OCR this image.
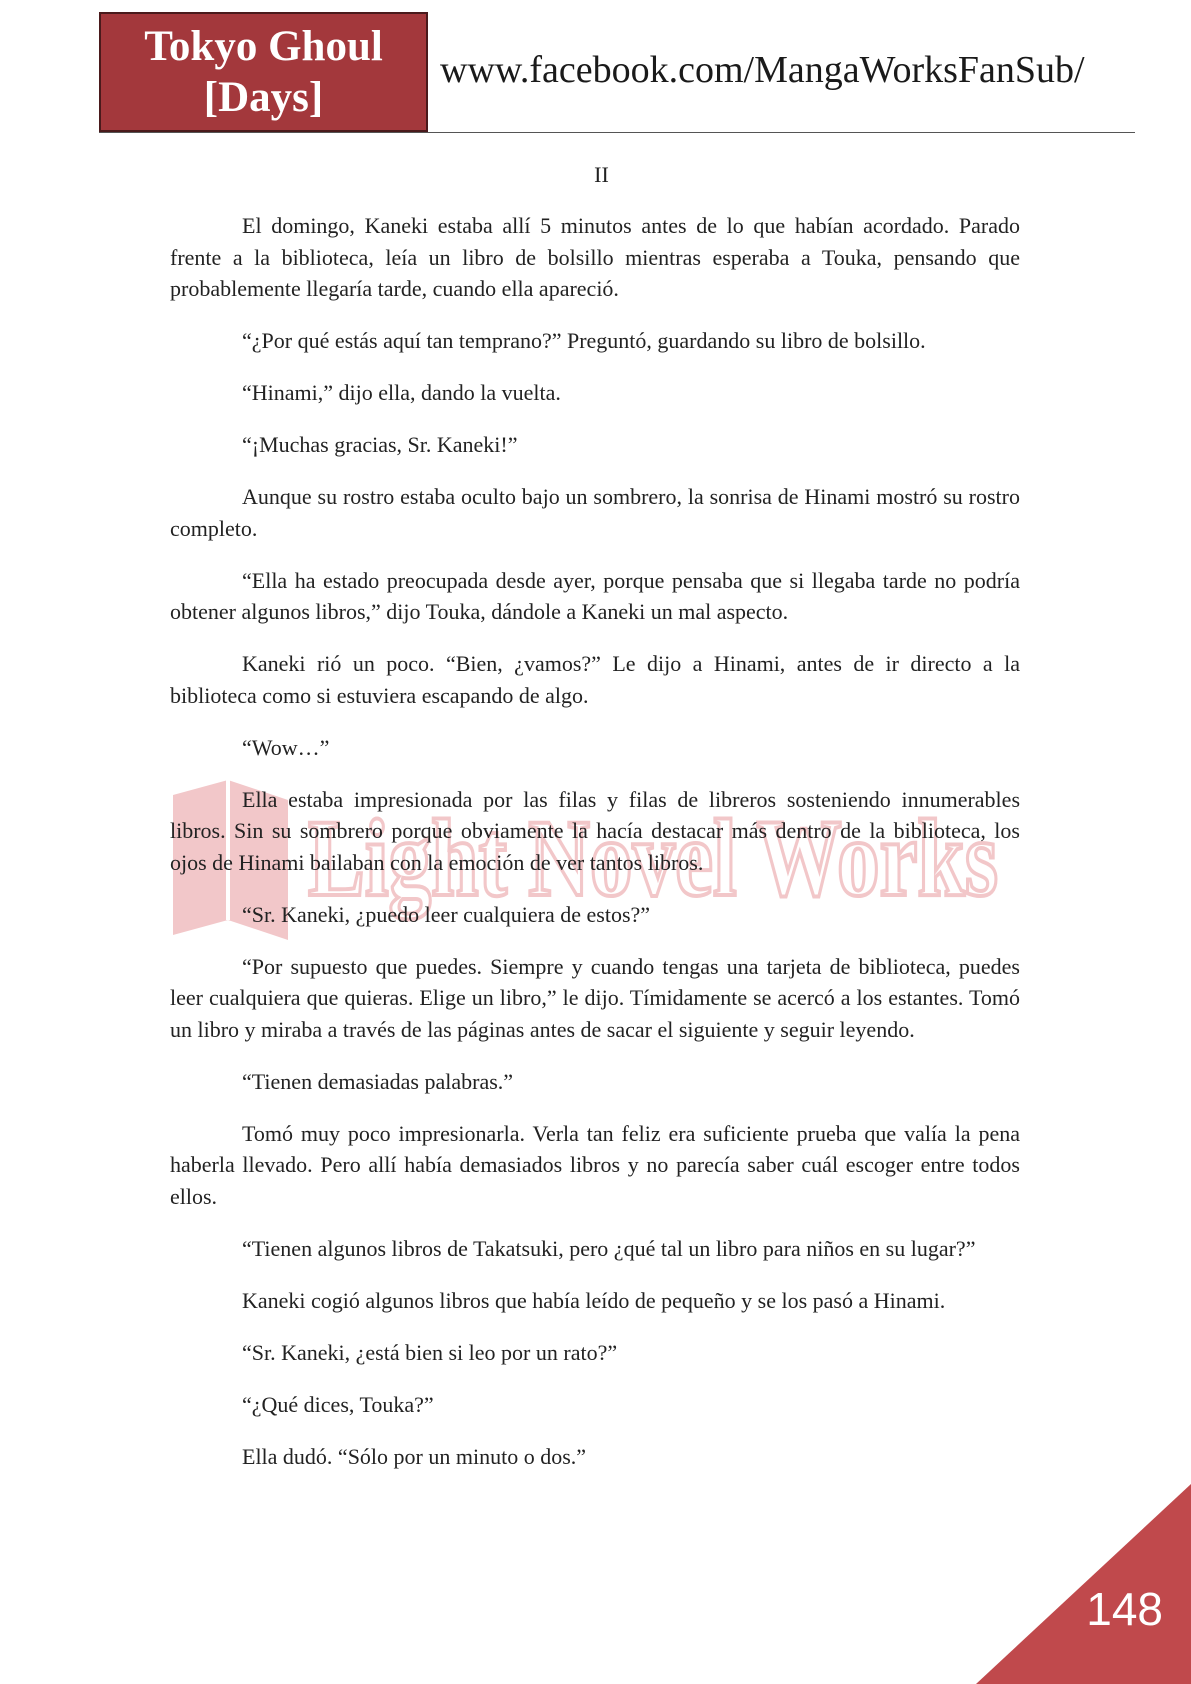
Tokyo Ghoul
[Days]
www.facebook.com/MangaWorksFanSub/
II
Light Novel Works

El domingo, Kaneki estaba allí 5 minutos antes de lo que habían acordado. Parado frente a la biblioteca, leía un libro de bolsillo mientras esperaba a Touka, pensando que probablemente llegaría tarde, cuando ella apareció.

“¿Por qué estás aquí tan temprano?” Preguntó, guardando su libro de bolsillo.

“Hinami,” dijo ella, dando la vuelta.

“¡Muchas gracias, Sr. Kaneki!”

Aunque su rostro estaba oculto bajo un sombrero, la sonrisa de Hinami mostró su rostro completo.

“Ella ha estado preocupada desde ayer, porque pensaba que si llegaba tarde no podría obtener algunos libros,” dijo Touka, dándole a Kaneki un mal aspecto.

Kaneki rió un poco. “Bien, ¿vamos?” Le dijo a Hinami, antes de ir directo a la biblioteca como si estuviera escapando de algo.

“Wow…”

Ella estaba impresionada por las filas y filas de libreros sosteniendo innumerables libros. Sin su sombrero porque obviamente la hacía destacar más dentro de la biblioteca, los ojos de Hinami bailaban con la emoción de ver tantos libros.

“Sr. Kaneki, ¿puedo leer cualquiera de estos?”

“Por supuesto que puedes. Siempre y cuando tengas una tarjeta de biblioteca, puedes leer cualquiera que quieras. Elige un libro,” le dijo. Tímidamente se acercó a los estantes. Tomó un libro y miraba a través de las páginas antes de sacar el siguiente y seguir leyendo.

“Tienen demasiadas palabras.”

Tomó muy poco impresionarla. Verla tan feliz era suficiente prueba que valía la pena haberla llevado. Pero allí había demasiados libros y no parecía saber cuál escoger entre todos ellos.

“Tienen algunos libros de Takatsuki, pero ¿qué tal un libro para niños en su lugar?”

Kaneki cogió algunos libros que había leído de pequeño y se los pasó a Hinami.

“Sr. Kaneki, ¿está bien si leo por un rato?”

“¿Qué dices, Touka?”

Ella dudó. “Sólo por un minuto o dos.”

148
